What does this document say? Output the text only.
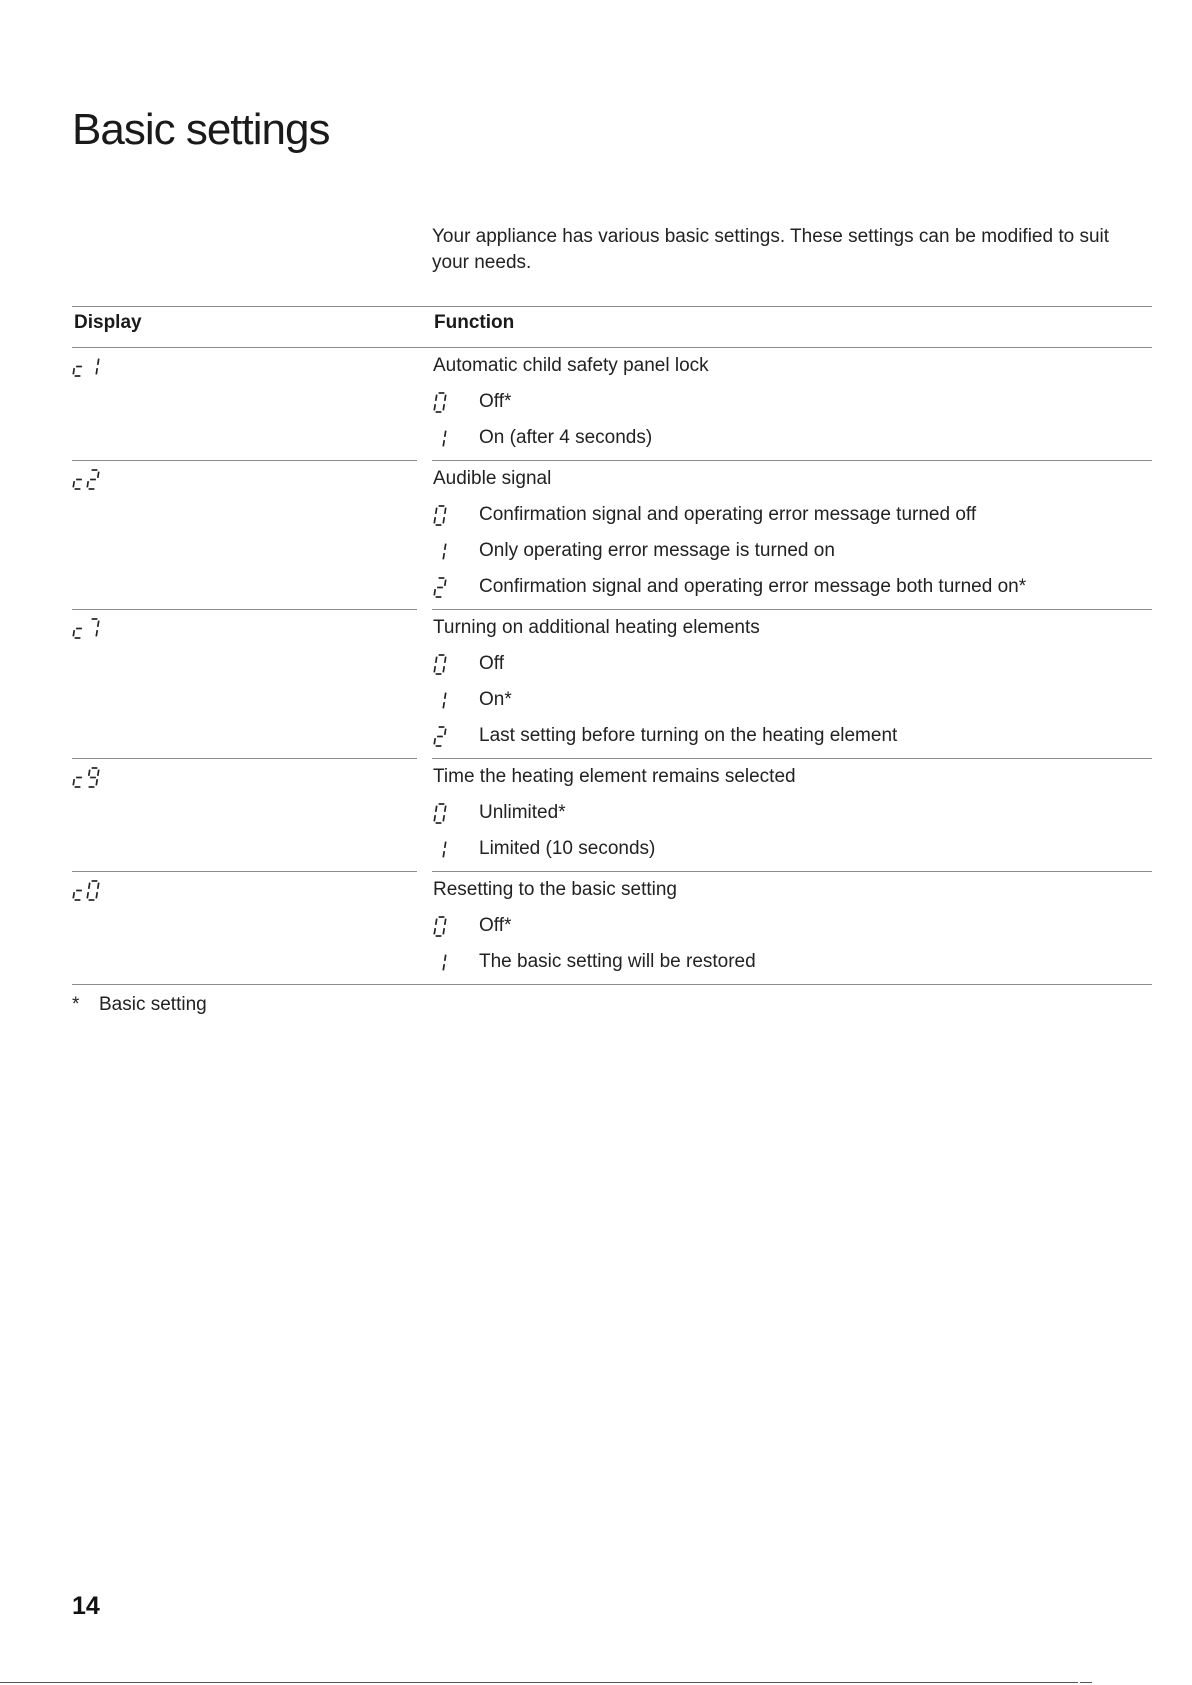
Basic settings

Your appliance has various basic settings. These settings can be modified to suit your needs.

Display	Function
Automatic child safety panel lock
Off*
On (after 4 seconds)
Audible signal
Confirmation signal and operating error message turned off
Only operating error message is turned on
Confirmation signal and operating error message both turned on*
Turning on additional heating elements
Off
On*
Last setting before turning on the heating element
Time the heating element remains selected
Unlimited*
Limited (10 seconds)
Resetting to the basic setting
Off*
The basic setting will be restored
*	Basic setting
14
